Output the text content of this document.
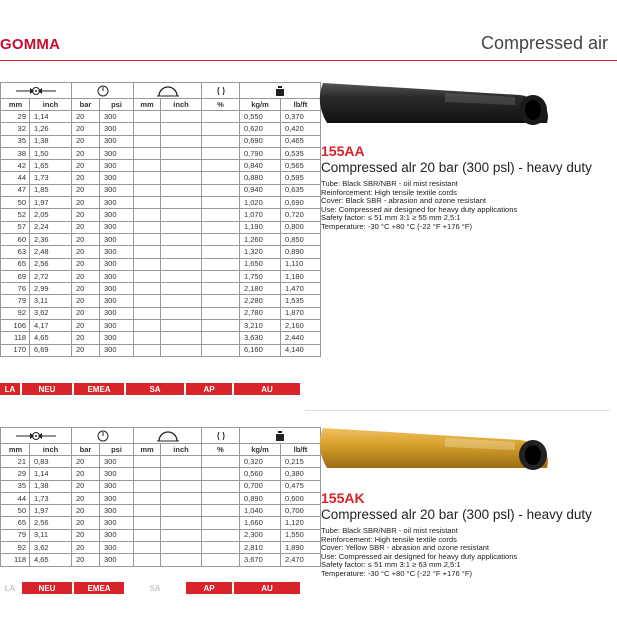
GOMMA	Compressed air

mm	inch	bar	psi	mm	inch	%	kg/m	lb/ft
29	1,14	20	300				0,550	0,370
32	1,26	20	300				0,620	0,420
35	1,38	20	300				0,690	0,465
38	1,50	20	300				0,790	0,535
42	1,65	20	300				0,840	0,565
44	1,73	20	300				0,880	0,595
47	1,85	20	300				0,940	0,635
50	1,97	20	300				1,020	0,690
52	2,05	20	300				1,070	0,720
57	2,24	20	300				1,190	0,800
60	2,36	20	300				1,260	0,850
63	2,48	20	300				1,320	0,890
65	2,56	20	300				1,650	1,110
69	2,72	20	300				1,750	1,180
76	2,99	20	300				2,180	1,470
79	3,11	20	300				2,280	1,535
92	3,62	20	300				2,780	1,870
106	4,17	20	300				3,210	2,160
118	4,65	20	300				3,630	2,440
170	6,69	20	300				6,160	4,140
LA	NEU	EMEA	SA	AP	AU
155AA
Compressed alr 20 bar (300 psl) - heavy duty
Tube: Black SBR/NBR - oil mist resistant
Reinforcement: High tensile textile cords
Cover: Black SBR - abrasion and ozone resistant
Use: Compressed air designed for heavy duty applications
Safety factor: ≤ 51 mm 3:1 ≥ 55 mm 2,5:1
Temperature: -30 °C +80 °C (-22 °F +176 °F)

mm	inch	bar	psi	mm	inch	%	kg/m	lb/ft
21	0,83	20	300				0,320	0,215
29	1,14	20	300				0,560	0,380
35	1,38	20	300				0,700	0,475
44	1,73	20	300				0,890	0,600
50	1,97	20	300				1,040	0,700
65	2,56	20	300				1,660	1,120
79	3,11	20	300				2,300	1,550
92	3,62	20	300				2,810	1,890
118	4,65	20	300				3,670	2,470
LA	NEU	EMEA	SA	AP	AU
155AK
Compressed alr 20 bar (300 psl) - heavy duty
Tube: Black SBR/NBR - oil mist resistant
Reinforcement: High tensile textile cords
Cover: Yellow SBR - abrasion and ozone resistant
Use: Compressed air designed for heavy duty applications
Safety factor: ≤ 51 mm 3:1 ≥ 63 mm 2,5:1
Temperature: -30 °C +80 °C (-22 °F +176 °F)
